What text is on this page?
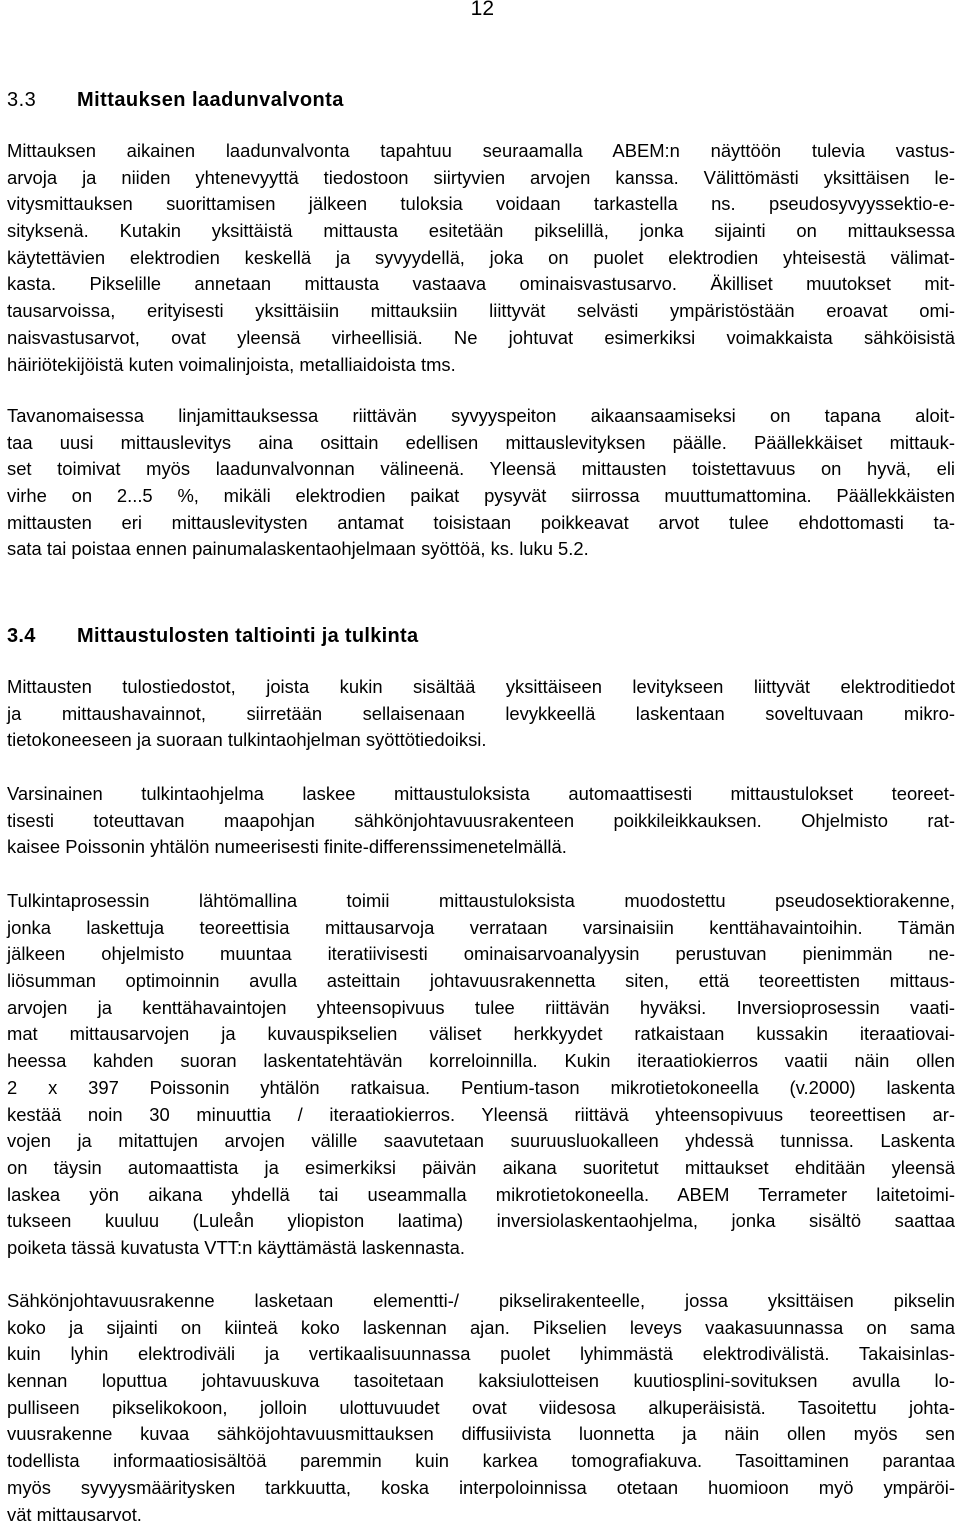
12
3.3 Mittauksen laadunvalvonta
Mittauksen aikainen laadunvalvonta tapahtuu seuraamalla ABEM:n näyttöön tulevia vastus-
arvoja ja niiden yhtenevyyttä tiedostoon siirtyvien arvojen kanssa. Välittömästi yksittäisen le-
vitysmittauksen suorittamisen jälkeen tuloksia voidaan tarkastella ns. pseudosyvyyssektio-e-
sityksenä. Kutakin yksittäistä mittausta esitetään pikselillä, jonka sijainti on mittauksessa
käytettävien elektrodien keskellä ja syvyydellä, joka on puolet elektrodien yhteisestä välimat-
kasta. Pikselille annetaan mittausta vastaava ominaisvastusarvo. Äkilliset muutokset mit-
tausarvoissa, erityisesti yksittäisiin mittauksiin liittyvät selvästi ympäristöstään eroavat omi-
naisvastusarvot, ovat yleensä virheellisiä. Ne johtuvat esimerkiksi voimakkaista sähköisistä
häiriötekijöistä kuten voimalinjoista, metalliaidoista tms.
Tavanomaisessa linjamittauksessa riittävän syvyyspeiton aikaansaamiseksi on tapana aloit-
taa uusi mittauslevitys aina osittain edellisen mittauslevityksen päälle. Päällekkäiset mittauk-
set toimivat myös laadunvalvonnan välineenä. Yleensä mittausten toistettavuus on hyvä, eli
virhe on 2...5 %, mikäli elektrodien paikat pysyvät siirrossa muuttumattomina. Päällekkäisten
mittausten eri mittauslevitysten antamat toisistaan poikkeavat arvot tulee ehdottomasti ta-
sata tai poistaa ennen painumalaskentaohjelmaan syöttöä, ks. luku 5.2.
3.4 Mittaustulosten taltiointi ja tulkinta
Mittausten tulostiedostot, joista kukin sisältää yksittäiseen levitykseen liittyvät elektroditiedot
ja mittaushavainnot, siirretään sellaisenaan levykkeellä laskentaan soveltuvaan mikro-
tietokoneeseen ja suoraan tulkintaohjelman syöttötiedoiksi.
Varsinainen tulkintaohjelma laskee mittaustuloksista automaattisesti mittaustulokset teoreet-
tisesti toteuttavan maapohjan sähkönjohtavuusrakenteen poikkileikkauksen. Ohjelmisto rat-
kaisee Poissonin yhtälön numeerisesti finite-differenssimenetelmällä.
Tulkintaprosessin lähtömallina toimii mittaustuloksista muodostettu pseudosektiorakenne,
jonka laskettuja teoreettisia mittausarvoja verrataan varsinaisiin kenttähavaintoihin. Tämän
jälkeen ohjelmisto muuntaa iteratiivisesti ominaisarvoanalyysin perustuvan pienimmän ne-
liösumman optimoinnin avulla asteittain johtavuusrakennetta siten, että teoreettisten mittaus-
arvojen ja kenttähavaintojen yhteensopivuus tulee riittävän hyväksi. Inversioprosessin vaati-
mat mittausarvojen ja kuvauspikselien väliset herkkyydet ratkaistaan kussakin iteraatiovai-
heessa kahden suoran laskentatehtävän korreloinnilla. Kukin iteraatiokierros vaatii näin ollen
2 x 397 Poissonin yhtälön ratkaisua. Pentium-tason mikrotietokoneella (v.2000) laskenta
kestää noin 30 minuuttia / iteraatiokierros. Yleensä riittävä yhteensopivuus teoreettisen ar-
vojen ja mitattujen arvojen välille saavutetaan suuruusluokalleen yhdessä tunnissa. Laskenta
on täysin automaattista ja esimerkiksi päivän aikana suoritetut mittaukset ehditään yleensä
laskea yön aikana yhdellä tai useammalla mikrotietokoneella. ABEM Terrameter laitetoimi-
tukseen kuuluu (Luleån yliopiston laatima) inversiolaskentaohjelma, jonka sisältö saattaa
poiketa tässä kuvatusta VTT:n käyttämästä laskennasta.
Sähkönjohtavuusrakenne lasketaan elementti-/ pikselirakenteelle, jossa yksittäisen pikselin
koko ja sijainti on kiinteä koko laskennan ajan. Pikselien leveys vaakasuunnassa on sama
kuin lyhin elektrodiväli ja vertikaalisuunnassa puolet lyhimmästä elektrodivälistä. Takaisinlas-
kennan loputtua johtavuuskuva tasoitetaan kaksiulotteisen kuutiosplini-sovituksen avulla lo-
pulliseen pikselikokoon, jolloin ulottuvuudet ovat viidesosa alkuperäisistä. Tasoitettu johta-
vuusrakenne kuvaa sähköjohtavuusmittauksen diffusiivista luonnetta ja näin ollen myös sen
todellista informaatiosisältöä paremmin kuin karkea tomografiakuva. Tasoittaminen parantaa
myös syvyysmääritysken tarkkuutta, koska interpoloinnissa otetaan huomioon myö ympäröi-
vät mittausarvot.
